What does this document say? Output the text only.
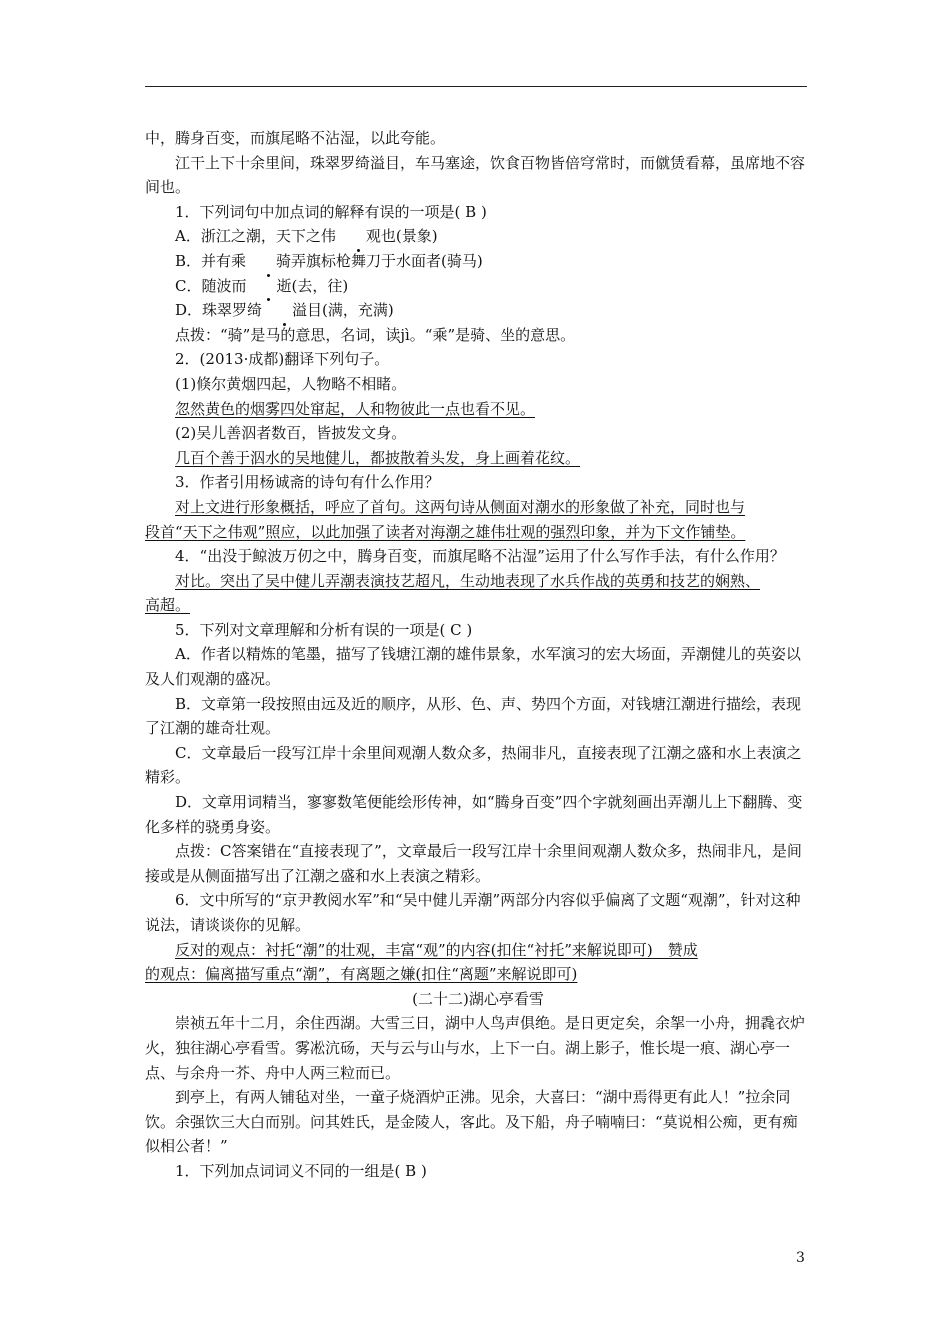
中，腾身百变，而旗尾略不沾湿，以此夸能。

江干上下十余里间，珠翠罗绮溢目，车马塞途，饮食百物皆倍穹常时，而僦赁看幕，虽席地不容间也。

1．下列词句中加点词的解释有误的一项是( B )

A．浙江之潮，天下之伟 观也(景象)

B．并有乘 骑弄旗标枪舞刀于水面者(骑马)

C．随波而 逝(去，往)

D．珠翠罗绮 溢目(满，充满)

点拨：“骑”是马的意思，名词，读jì。“乘”是骑、坐的意思。

2．(2013·成都)翻译下列句子。

(1)倏尔黄烟四起，人物略不相睹。

忽然黄色的烟雾四处窜起，人和物彼此一点也看不见。

(2)吴儿善泅者数百，皆披发文身。

几百个善于泅水的吴地健儿，都披散着头发，身上画着花纹。

3．作者引用杨诚斋的诗句有什么作用？

对上文进行形象概括，呼应了首句。这两句诗从侧面对潮水的形象做了补充，同时也与

段首“天下之伟观”照应，以此加强了读者对海潮之雄伟壮观的强烈印象，并为下文作铺垫。

4．“出没于鲸波万仞之中，腾身百变，而旗尾略不沾湿”运用了什么写作手法，有什么作用？

对比。突出了吴中健儿弄潮表演技艺超凡，生动地表现了水兵作战的英勇和技艺的娴熟、

高超。

5．下列对文章理解和分析有误的一项是( C )

A．作者以精炼的笔墨，描写了钱塘江潮的雄伟景象，水军演习的宏大场面，弄潮健儿的英姿以及人们观潮的盛况。

B．文章第一段按照由远及近的顺序，从形、色、声、势四个方面，对钱塘江潮进行描绘，表现了江潮的雄奇壮观。

C．文章最后一段写江岸十余里间观潮人数众多，热闹非凡，直接表现了江潮之盛和水上表演之精彩。

D．文章用词精当，寥寥数笔便能绘形传神，如“腾身百变”四个字就刻画出弄潮儿上下翻腾、变化多样的骁勇身姿。

点拨：C答案错在“直接表现了”，文章最后一段写江岸十余里间观潮人数众多，热闹非凡，是间接或是从侧面描写出了江潮之盛和水上表演之精彩。

6．文中所写的“京尹教阅水军”和“吴中健儿弄潮”两部分内容似乎偏离了文题“观潮”，针对这种说法，请谈谈你的见解。

反对的观点：衬托“潮”的壮观，丰富“观”的内容(扣住“衬托”来解说即可)　赞成

的观点：偏离描写重点“潮”，有离题之嫌(扣住“离题”来解说即可)

(二十二)湖心亭看雪

崇祯五年十二月，余住西湖。大雪三日，湖中人鸟声俱绝。是日更定矣，余挐一小舟，拥毳衣炉火，独往湖心亭看雪。雾凇沆砀，天与云与山与水，上下一白。湖上影子，惟长堤一痕、湖心亭一点、与余舟一芥、舟中人两三粒而已。

到亭上，有两人铺毡对坐，一童子烧酒炉正沸。见余，大喜曰：“湖中焉得更有此人！”拉余同饮。余强饮三大白而别。问其姓氏，是金陵人，客此。及下船，舟子喃喃曰：“莫说相公痴，更有痴似相公者！”

1．下列加点词词义不同的一组是( B )

3
